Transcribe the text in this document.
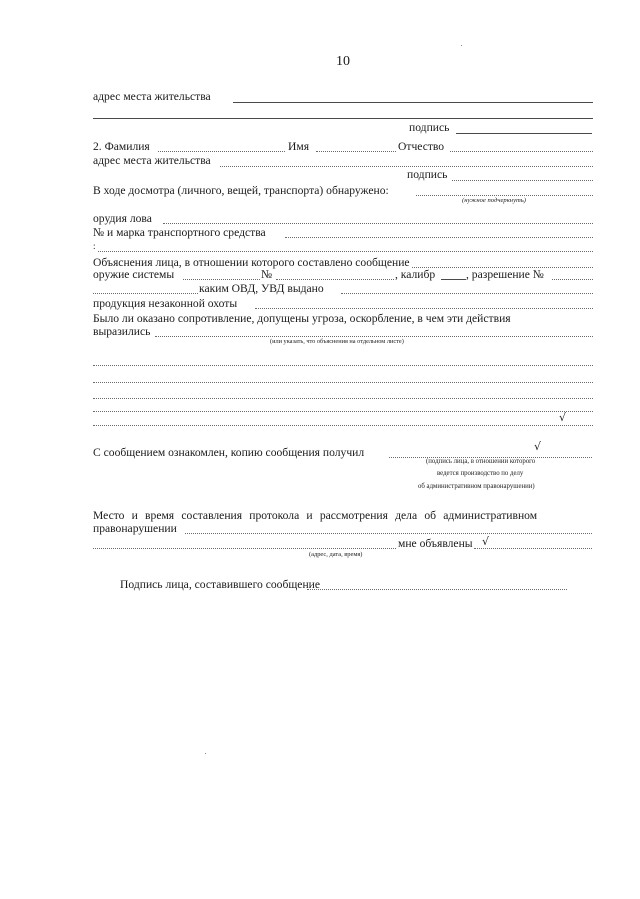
10
адрес места жительства
подпись
2. Фамилия	Имя	Отчество
адрес места жительства
подпись
В ходе досмотра (личного, вещей, транспорта) обнаружено:
(нужное подчеркнуть)
орудия лова
№ и марка транспортного средства
:
Объяснения лица, в отношении которого составлено сообщение
оружие системы	№	, калибр	, разрешение №
каким ОВД, УВД выдано
продукция незаконной охоты
Было ли оказано сопротивление, допущены угроза, оскорбление, в чем эти действия
выразились
(или указать, что объяснения на отдельном листе)
√
С сообщением ознакомлен, копию сообщения получил	√
(подпись лица, в отношении которого
ведется производство по делу
об административном правонарушении)
Место и время составления протокола и рассмотрения дела об административном
правонарушении
мне объявлены √
(адрес, дата, время)
Подпись лица, составившего сообщение
